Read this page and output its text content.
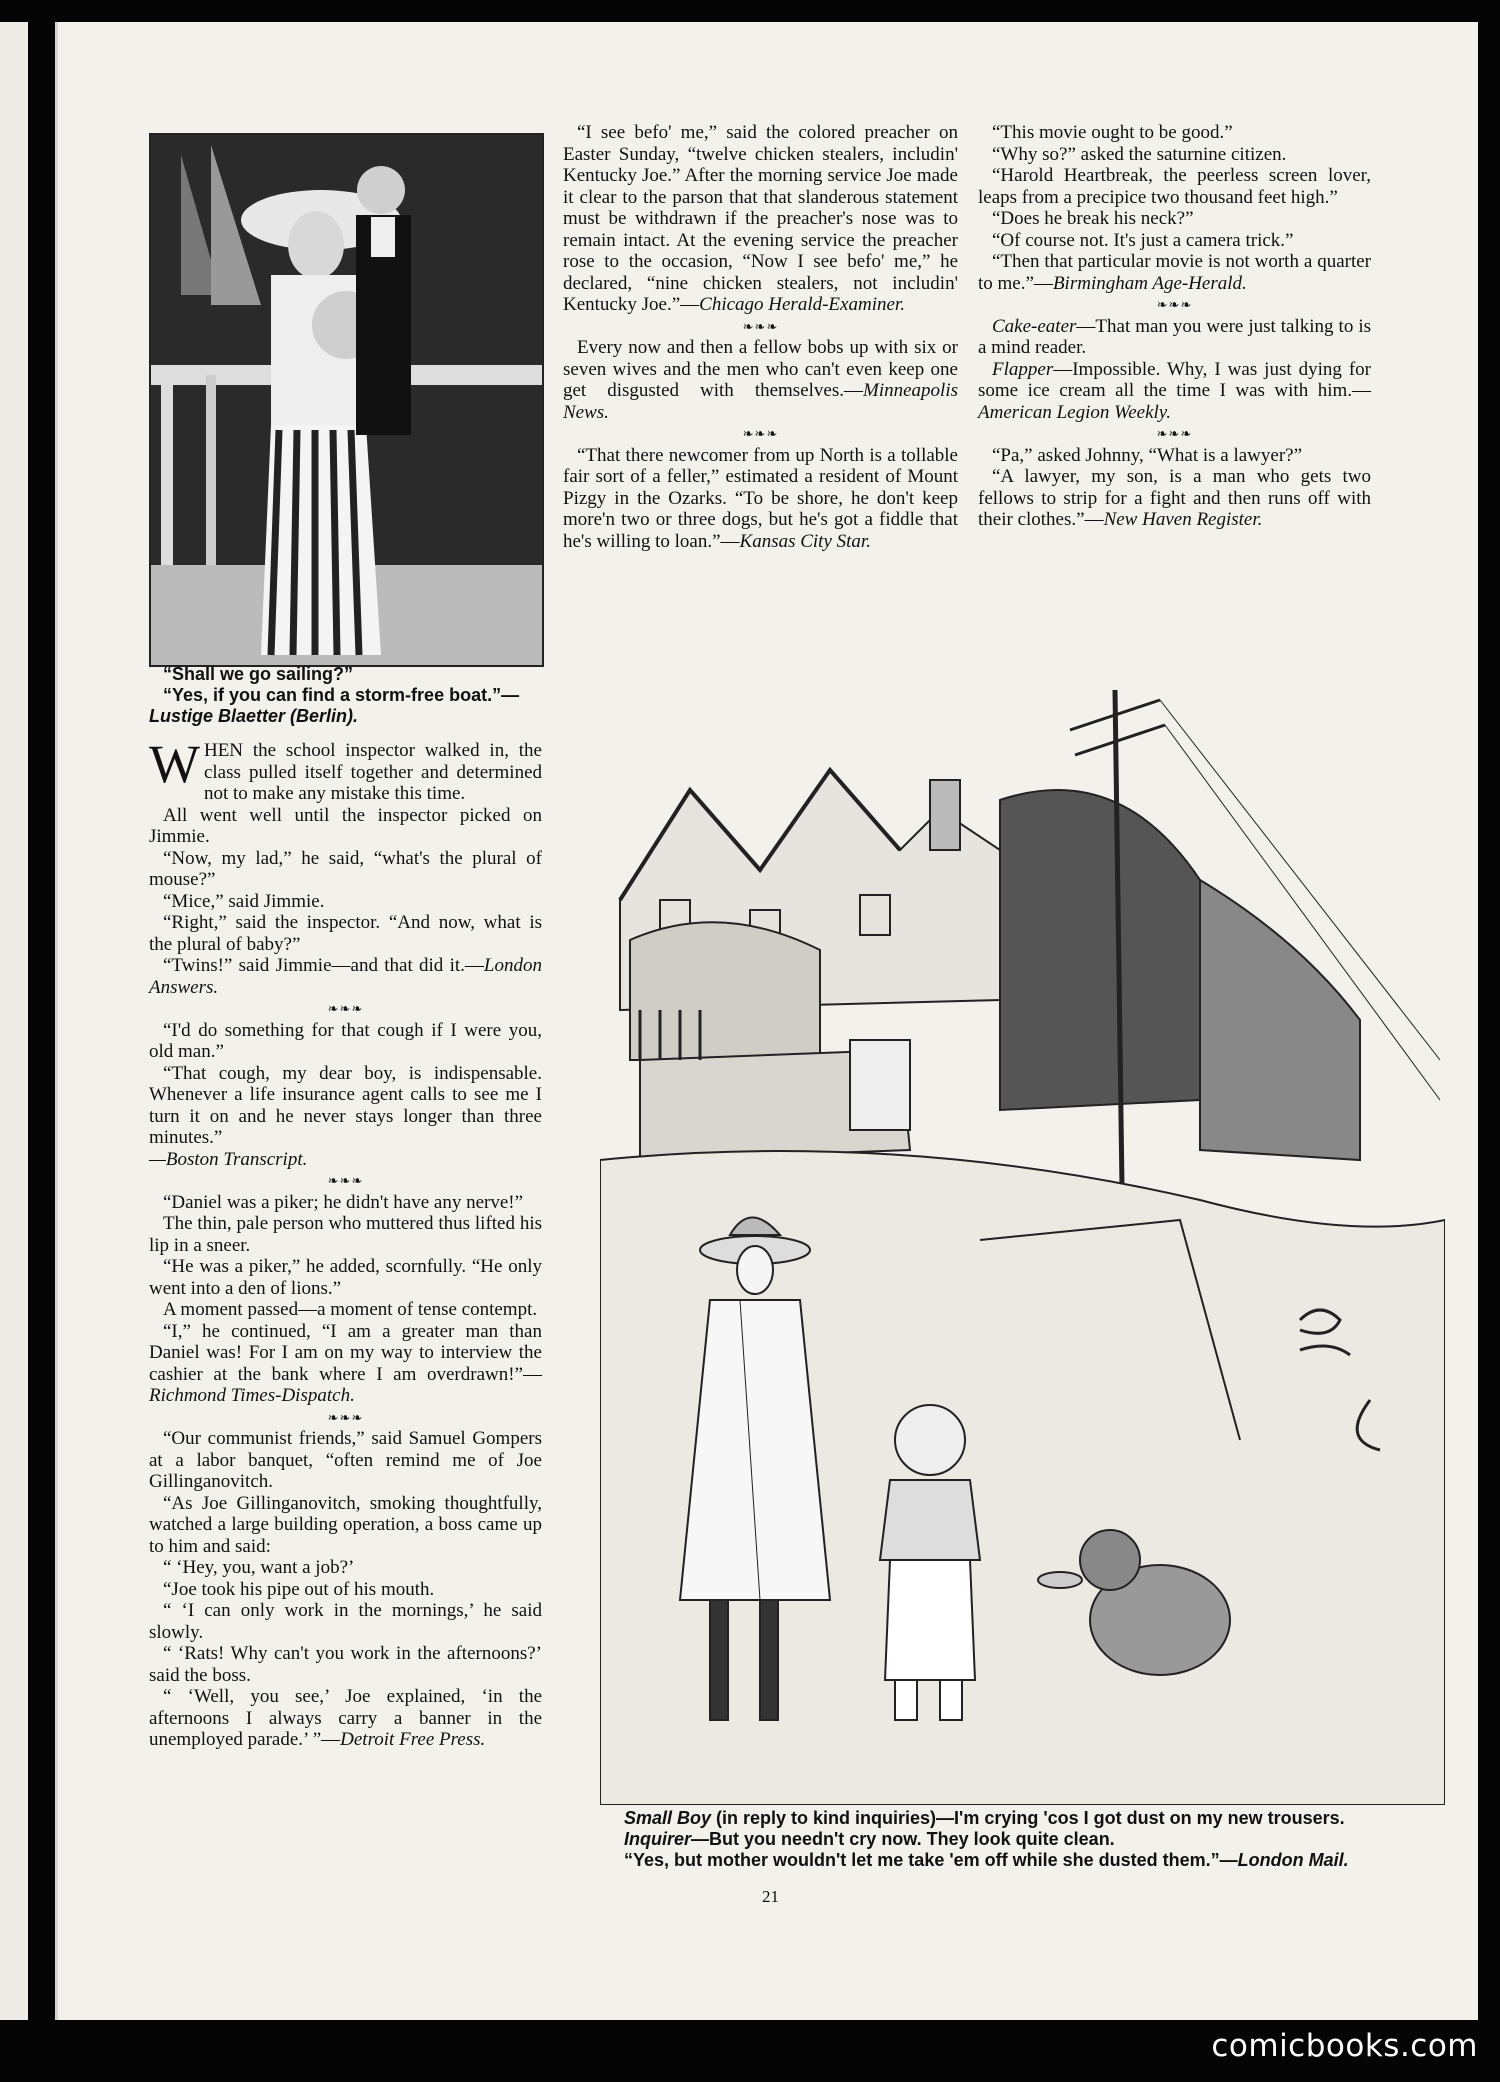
“Shall we go sailing?”

“Yes, if you can find a storm-free boat.”—Lustige Blaetter (Berlin).

WHEN the school inspector walked in, the class pulled itself together and determined not to make any mistake this time.

All went well until the inspector picked on Jimmie.

“Now, my lad,” he said, “what's the plural of mouse?”

“Mice,” said Jimmie.

“Right,” said the inspector. “And now, what is the plural of baby?”

“Twins!” said Jimmie—and that did it.—London Answers.

❧❧❧

“I'd do something for that cough if I were you, old man.”

“That cough, my dear boy, is indispensable. Whenever a life insurance agent calls to see me I turn it on and he never stays longer than three minutes.”

—Boston Transcript.

❧❧❧

“Daniel was a piker; he didn't have any nerve!”

The thin, pale person who muttered thus lifted his lip in a sneer.

“He was a piker,” he added, scornfully. “He only went into a den of lions.”

A moment passed—a moment of tense contempt.

“I,” he continued, “I am a greater man than Daniel was! For I am on my way to interview the cashier at the bank where I am overdrawn!”—Richmond Times-Dispatch.

❧❧❧

“Our communist friends,” said Samuel Gompers at a labor banquet, “often remind me of Joe Gillinganovitch.

“As Joe Gillinganovitch, smoking thoughtfully, watched a large building operation, a boss came up to him and said:

“ ‘Hey, you, want a job?’

“Joe took his pipe out of his mouth.

“ ‘I can only work in the mornings,’ he said slowly.

“ ‘Rats! Why can't you work in the afternoons?’ said the boss.

“ ‘Well, you see,’ Joe explained, ‘in the afternoons I always carry a banner in the unemployed parade.’ ”—Detroit Free Press.

“I see befo' me,” said the colored preacher on Easter Sunday, “twelve chicken stealers, includin' Kentucky Joe.” After the morning service Joe made it clear to the parson that that slanderous statement must be withdrawn if the preacher's nose was to remain intact. At the evening service the preacher rose to the occasion, “Now I see befo' me,” he declared, “nine chicken stealers, not includin' Kentucky Joe.”—Chicago Herald-Examiner.

❧❧❧

Every now and then a fellow bobs up with six or seven wives and the men who can't even keep one get disgusted with themselves.—Minneapolis News.

❧❧❧

“That there newcomer from up North is a tollable fair sort of a feller,” estimated a resident of Mount Pizgy in the Ozarks. “To be shore, he don't keep more'n two or three dogs, but he's got a fiddle that he's willing to loan.”—Kansas City Star.

“This movie ought to be good.”

“Why so?” asked the saturnine citizen.

“Harold Heartbreak, the peerless screen lover, leaps from a precipice two thousand feet high.”

“Does he break his neck?”

“Of course not. It's just a camera trick.”

“Then that particular movie is not worth a quarter to me.”—Birmingham Age-Herald.

❧❧❧

Cake-eater—That man you were just talking to is a mind reader.

Flapper—Impossible. Why, I was just dying for some ice cream all the time I was with him.—American Legion Weekly.

❧❧❧

“Pa,” asked Johnny, “What is a lawyer?”

“A lawyer, my son, is a man who gets two fellows to strip for a fight and then runs off with their clothes.”—New Haven Register.

Small Boy (in reply to kind inquiries)—I'm crying 'cos I got dust on my new trousers.

Inquirer—But you needn't cry now. They look quite clean.

“Yes, but mother wouldn't let me take 'em off while she dusted them.”—London Mail.

21
comicbooks.com
